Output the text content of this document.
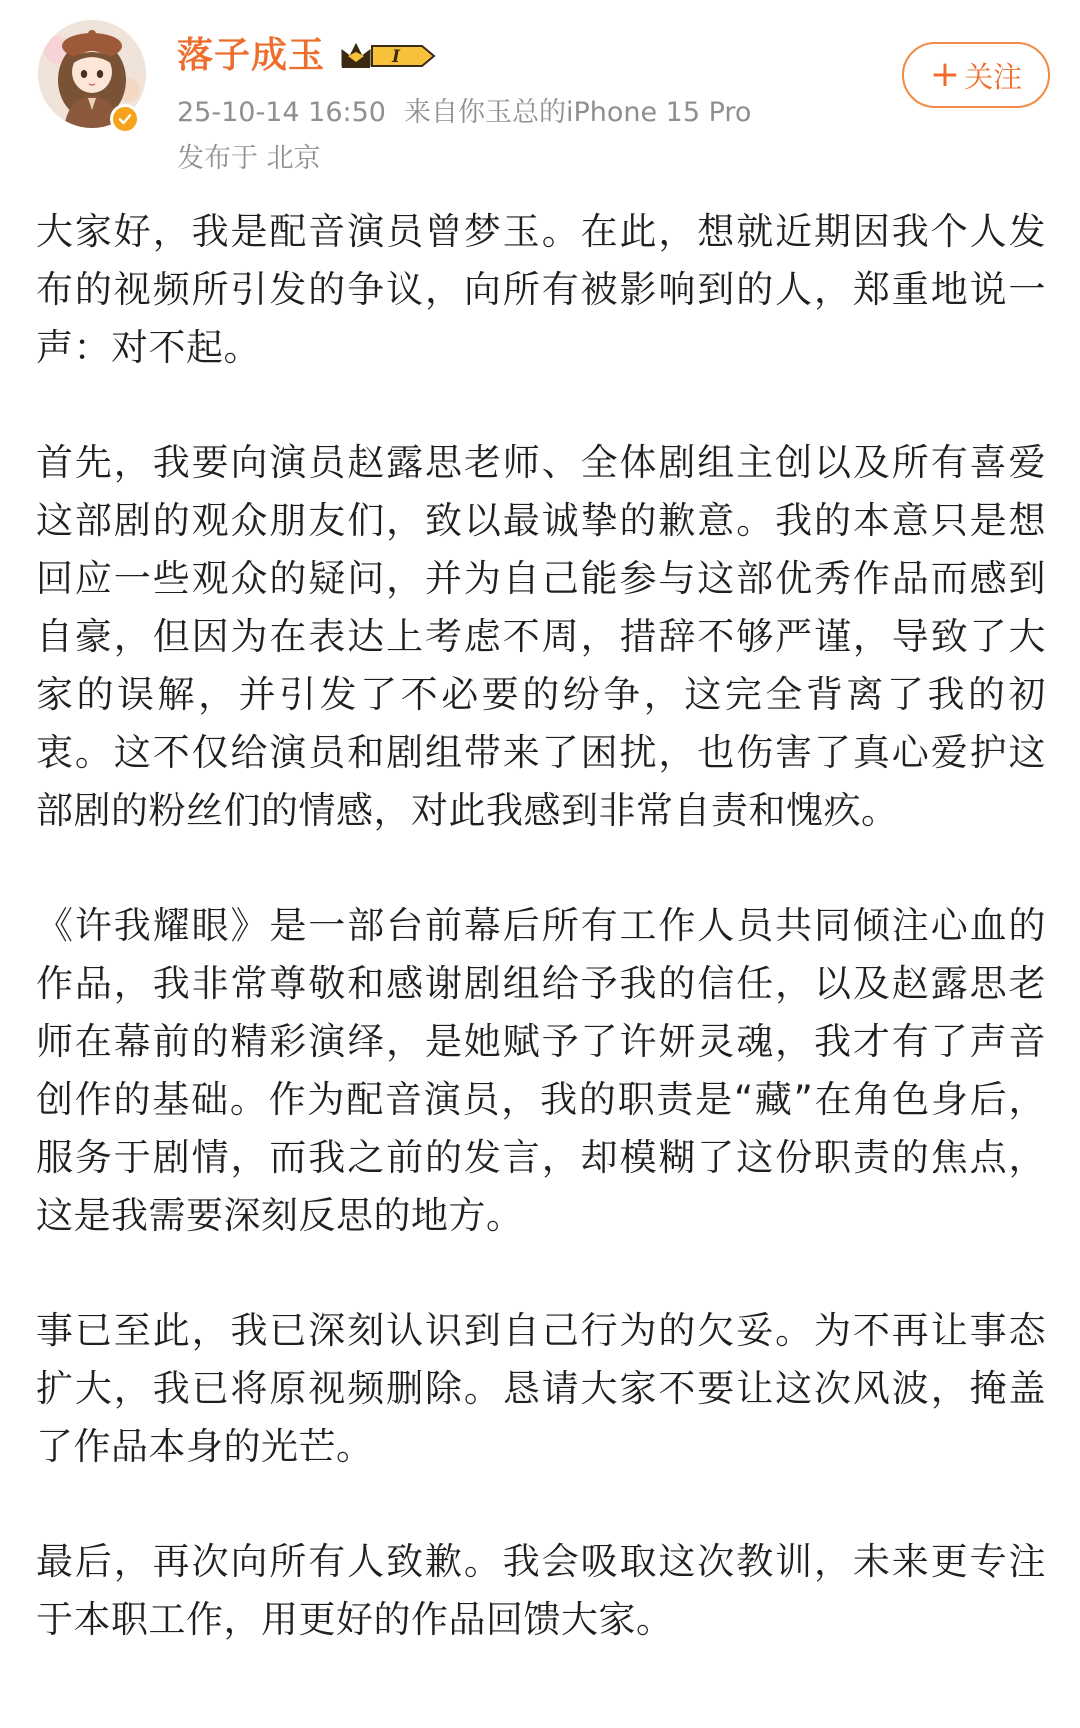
落子成玉	I
25-10-14 16:50 来自你玉总的iPhone 15 Pro
发布于 北京
+ 关注

大家好，我是配音演员曾梦玉。在此，想就近期因我个人发布的视频所引发的争议，向所有被影响到的人，郑重地说一声：对不起。

首先，我要向演员赵露思老师、全体剧组主创以及所有喜爱这部剧的观众朋友们，致以最诚挚的歉意。我的本意只是想回应一些观众的疑问，并为自己能参与这部优秀作品而感到自豪，但因为在表达上考虑不周，措辞不够严谨，导致了大家的误解，并引发了不必要的纷争，这完全背离了我的初衷。这不仅给演员和剧组带来了困扰，也伤害了真心爱护这部剧的粉丝们的情感，对此我感到非常自责和愧疚。

《许我耀眼》是一部台前幕后所有工作人员共同倾注心血的作品，我非常尊敬和感谢剧组给予我的信任，以及赵露思老师在幕前的精彩演绎，是她赋予了许妍灵魂，我才有了声音创作的基础。作为配音演员，我的职责是“藏”在角色身后，服务于剧情，而我之前的发言，却模糊了这份职责的焦点，这是我需要深刻反思的地方。

事已至此，我已深刻认识到自己行为的欠妥。为不再让事态扩大，我已将原视频删除。恳请大家不要让这次风波，掩盖了作品本身的光芒。

最后，再次向所有人致歉。我会吸取这次教训，未来更专注于本职工作，用更好的作品回馈大家。
